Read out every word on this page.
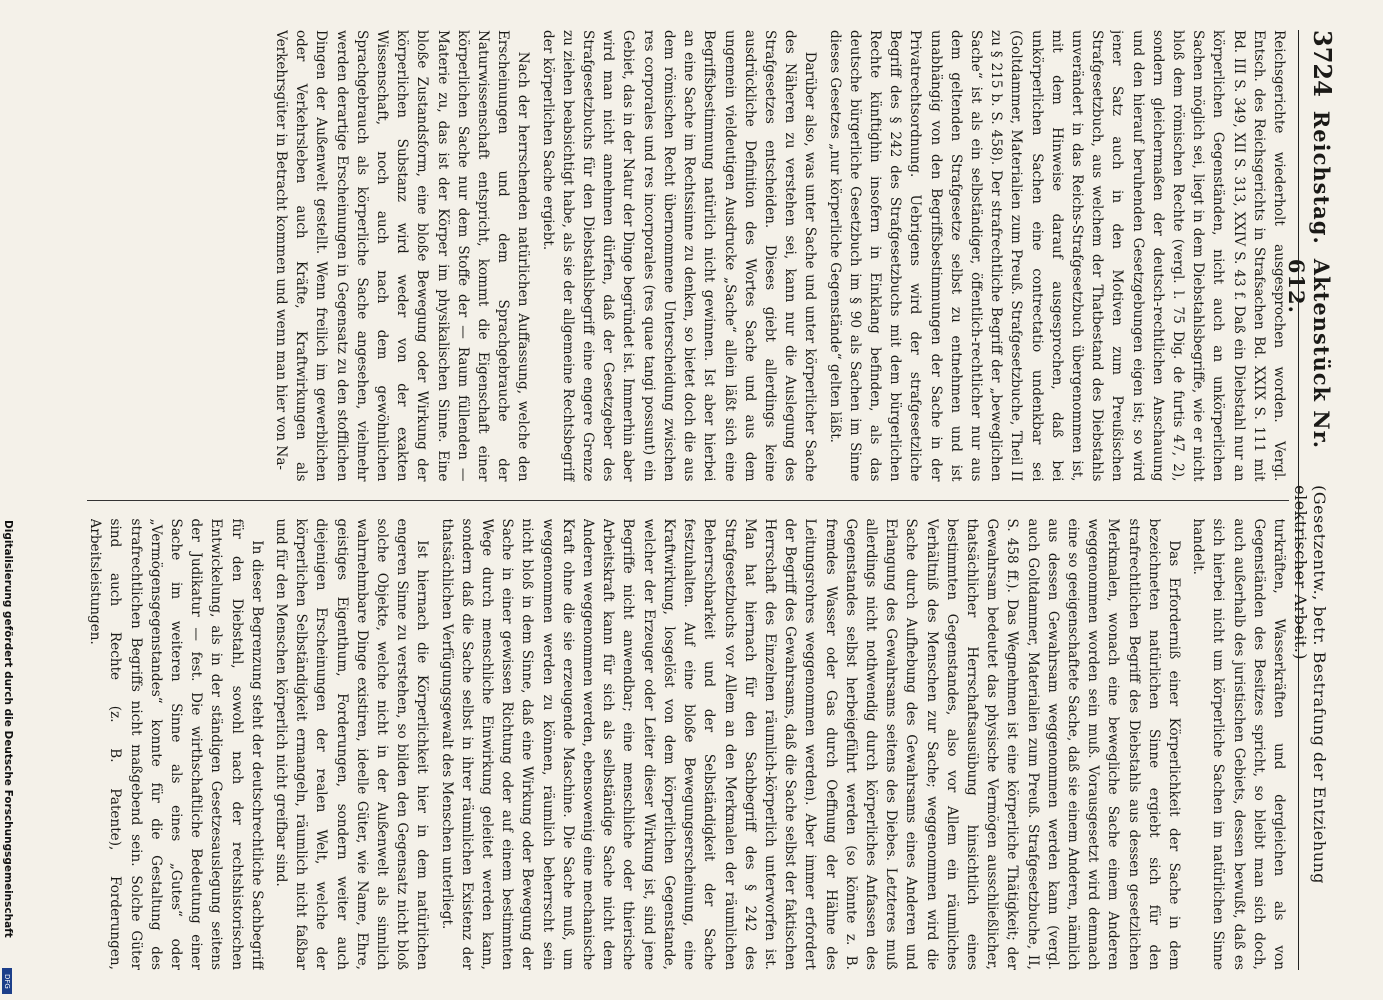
3724
Reichstag.
Aktenstück Nr. 612.
(Gesetzentw., betr. Bestrafung der Entziehung elektrischer Arbeit.)

Reichsgerichte wiederholt ausgesprochen worden. Vergl. Entsch. des Reichsgerichts in Strafsachen Bd. XXIX S. 111 mit Bd. III S. 349, XII S. 313, XXIV S. 43 f. Daß ein Diebstahl nur an körperlichen Gegenständen, nicht auch an unkörperlichen Sachen möglich sei, liegt in dem Diebstahlsbegriffe, wie er nicht bloß dem römischen Rechte (vergl. l. 75 Dig. de furtis 47, 2), sondern gleichermaßen der deutsch-rechtlichen Anschauung und den hierauf beruhenden Gesetzgebungen eigen ist; so wird jener Satz auch in den Motiven zum Preußischen Strafgesetzbuch, aus welchem der Thatbestand des Diebstahls unverändert in das Reichs-Strafgesetzbuch übergenommen ist, mit dem Hinweise darauf ausgesprochen, daß bei unkörperlichen Sachen eine contrectatio undenkbar sei (Goltdammer, Materialien zum Preuß. Strafgesetzbuche, Theil II zu § 215 b. S. 458). Der strafrechtliche Begriff der „beweglichen Sache“ ist als ein selbständiger, öffentlich-rechtlicher nur aus dem geltenden Strafgesetze selbst zu entnehmen und ist unabhängig von den Begriffsbestimmungen der Sache in der Privatrechtsordnung. Uebrigens wird der strafgesetzliche Begriff des § 242 des Strafgesetzbuchs mit dem bürgerlichen Rechte künftighin insofern in Einklang befinden, als das deutsche bürgerliche Gesetzbuch im § 90 als Sachen im Sinne dieses Gesetzes „nur körperliche Gegenstände“ gelten läßt.

Darüber also, was unter Sache und unter körperlicher Sache des Näheren zu verstehen sei, kann nur die Auslegung des Strafgesetzes entscheiden. Dieses giebt allerdings keine ausdrückliche Definition des Wortes Sache und aus dem ungemein vieldeutigen Ausdrucke „Sache“ allein läßt sich eine Begriffsbestimmung natürlich nicht gewinnen. Ist aber hierbei an eine Sache im Rechtssinne zu denken, so bietet doch die aus dem römischen Recht übernommene Unterscheidung zwischen res corporales und res incorporales (res quae tangi possunt) ein Gebiet, das in der Natur der Dinge begründet ist. Immerhin aber wird man nicht annehmen dürfen, daß der Gesetzgeber des Strafgesetzbuchs für den Diebstahlsbegriff eine engere Grenze zu ziehen beabsichtigt habe, als sie der allgemeine Rechtsbegriff der körperlichen Sache ergiebt.

Nach der herrschenden natürlichen Auffassung, welche den Erscheinungen und dem Sprachgebrauche der Naturwissenschaft entspricht, kommt die Eigenschaft einer körperlichen Sache nur dem Stoffe der — Raum füllenden — Materie zu, das ist der Körper im physikalischen Sinne. Eine bloße Zustandsform, eine bloße Bewegung oder Wirkung der körperlichen Substanz wird weder von der exakten Wissenschaft, noch auch nach dem gewöhnlichen Sprachgebrauch als körperliche Sache angesehen, vielmehr werden derartige Erscheinungen in Gegensatz zu den stofflichen Dingen der Außenwelt gestellt. Wenn freilich im gewerblichen oder Verkehrsleben auch Kräfte, Kraftwirkungen als Verkehrsgüter in Betracht kommen und wenn man hier von Na-

turkräften, Wasserkräften und dergleichen als von Gegenständen des Besitzes spricht, so bleibt man sich doch, auch außerhalb des juristischen Gebiets, dessen bewußt, daß es sich hierbei nicht um körperliche Sachen im natürlichen Sinne handelt.

Das Erforderniß einer Körperlichkeit der Sache in dem bezeichneten natürlichen Sinne ergiebt sich für den strafrechtlichen Begriff des Diebstahls aus dessen gesetzlichen Merkmalen, wonach eine bewegliche Sache einem Anderen weggenommen worden sein muß. Vorausgesetzt wird demnach eine so geeigenschaftete Sache, daß sie einem Anderen, nämlich aus dessen Gewahrsam weggenommen werden kann (vergl. auch Goltdammer, Materialien zum Preuß. Strafgesetzbuche, II, S. 458 ff.). Das Wegnehmen ist eine körperliche Thätigkeit; der Gewahrsam bedeutet das physische Vermögen ausschließlicher, thatsächlicher Herrschaftsausübung hinsichtlich eines bestimmten Gegenstandes, also vor Allem ein räumliches Verhältniß des Menschen zur Sache; weggenommen wird die Sache durch Aufhebung des Gewahrsams eines Anderen und Erlangung des Gewahrsams seitens des Diebes. Letzteres muß allerdings nicht nothwendig durch körperliches Anfassen des Gegenstandes selbst herbeigeführt werden (so könnte z. B. fremdes Wasser oder Gas durch Oeffnung der Hähne des Leitungsrohres weggenommen werden). Aber immer erfordert der Begriff des Gewahrsams, daß die Sache selbst der faktischen Herrschaft des Einzelnen räumlich-körperlich unterworfen ist. Man hat hiernach für den Sachbegriff des § 242 des Strafgesetzbuchs vor Allem an den Merkmalen der räumlichen Beherrschbarkeit und der Selbständigkeit der Sache festzuhalten. Auf eine bloße Bewegungserscheinung, eine Kraftwirkung, losgelöst von dem körperlichen Gegenstande, welcher der Erzeuger oder Leiter dieser Wirkung ist, sind jene Begriffe nicht anwendbar; eine menschliche oder thierische Arbeitskraft kann für sich als selbständige Sache nicht dem Anderen weggenommen werden, ebensowenig eine mechanische Kraft ohne die sie erzeugende Maschine. Die Sache muß, um weggenommen werden zu können, räumlich beherrscht sein nicht bloß in dem Sinne, daß eine Wirkung oder Bewegung der Sache in einer gewissen Richtung oder auf einem bestimmten Wege durch menschliche Einwirkung geleitet werden kann, sondern daß die Sache selbst in ihrer räumlichen Existenz der thatsächlichen Verfügungsgewalt des Menschen unterliegt.

Ist hiernach die Körperlichkeit hier in dem natürlichen engeren Sinne zu verstehen, so bilden den Gegensatz nicht bloß solche Objekte, welche nicht in der Außenwelt als sinnlich wahrnehmbare Dinge existiren, ideelle Güter, wie Name, Ehre, geistiges Eigenthum, Forderungen, sondern weiter auch diejenigen Erscheinungen der realen Welt, welche der körperlichen Selbständigkeit ermangeln, räumlich nicht faßbar und für den Menschen körperlich nicht greifbar sind.

In dieser Begrenzung steht der deutschrechtliche Sachbegriff für den Diebstahl, sowohl nach der rechtshistorischen Entwickelung, als in der ständigen Gesetzesauslegung seitens der Judikatur — fest. Die wirthschaftliche Bedeutung einer Sache im weiteren Sinne als eines „Gutes“ oder „Vermögensgegenstandes“ konnte für die Gestaltung des strafrechtlichen Begriffs nicht maßgebend sein. Solche Güter sind auch Rechte (z. B. Patente), Forderungen, Arbeitsleistungen.

Digitalisierung gefördert durch die Deutsche Forschungsgemeinschaft
DFG
